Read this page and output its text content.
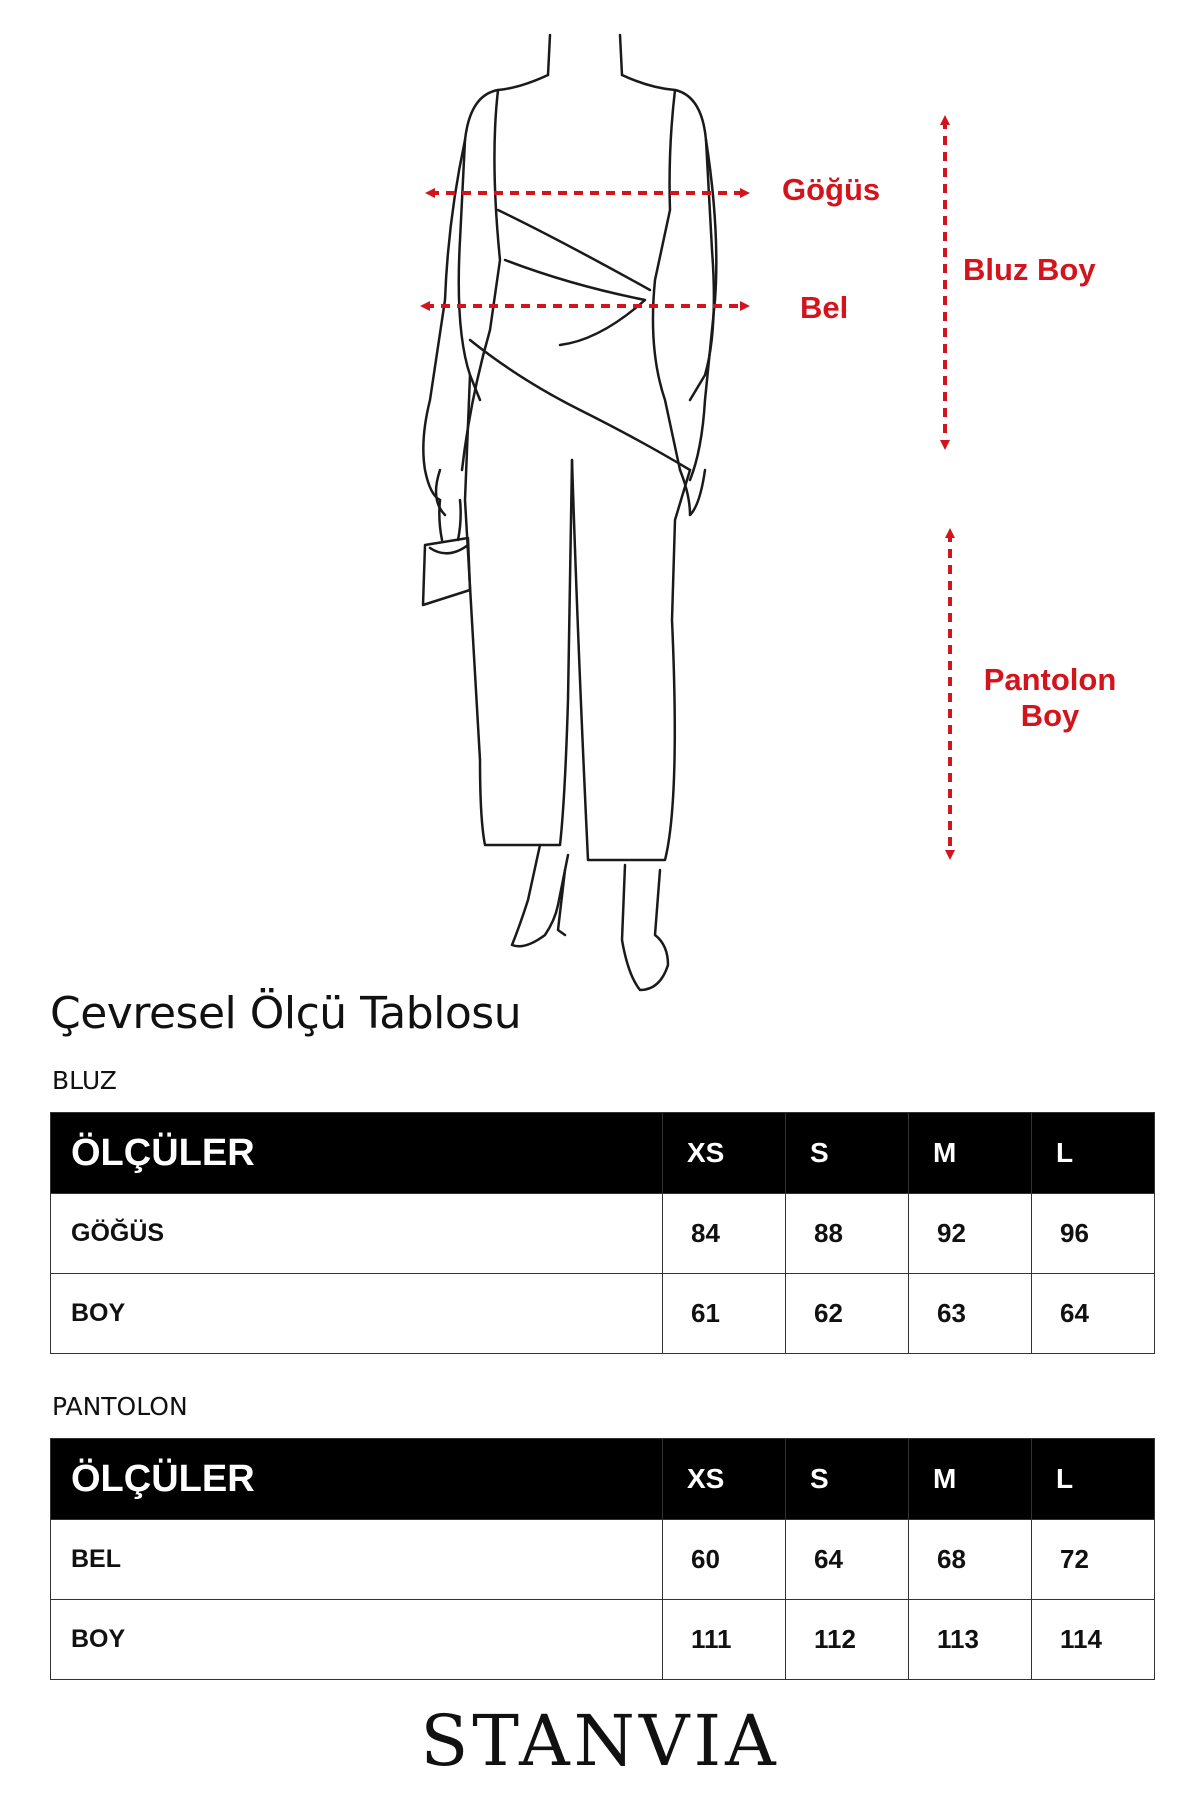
Göğüs
Bel
Bluz Boy
Pantolon
Boy
Çevresel Ölçü Tablosu
BLUZ
ÖLÇÜLER	XS	S	M	L
GÖĞÜS	84	88	92	96
BOY	61	62	63	64
PANTOLON
ÖLÇÜLER	XS	S	M	L
BEL	60	64	68	72
BOY	111	112	113	114
STANVIA
